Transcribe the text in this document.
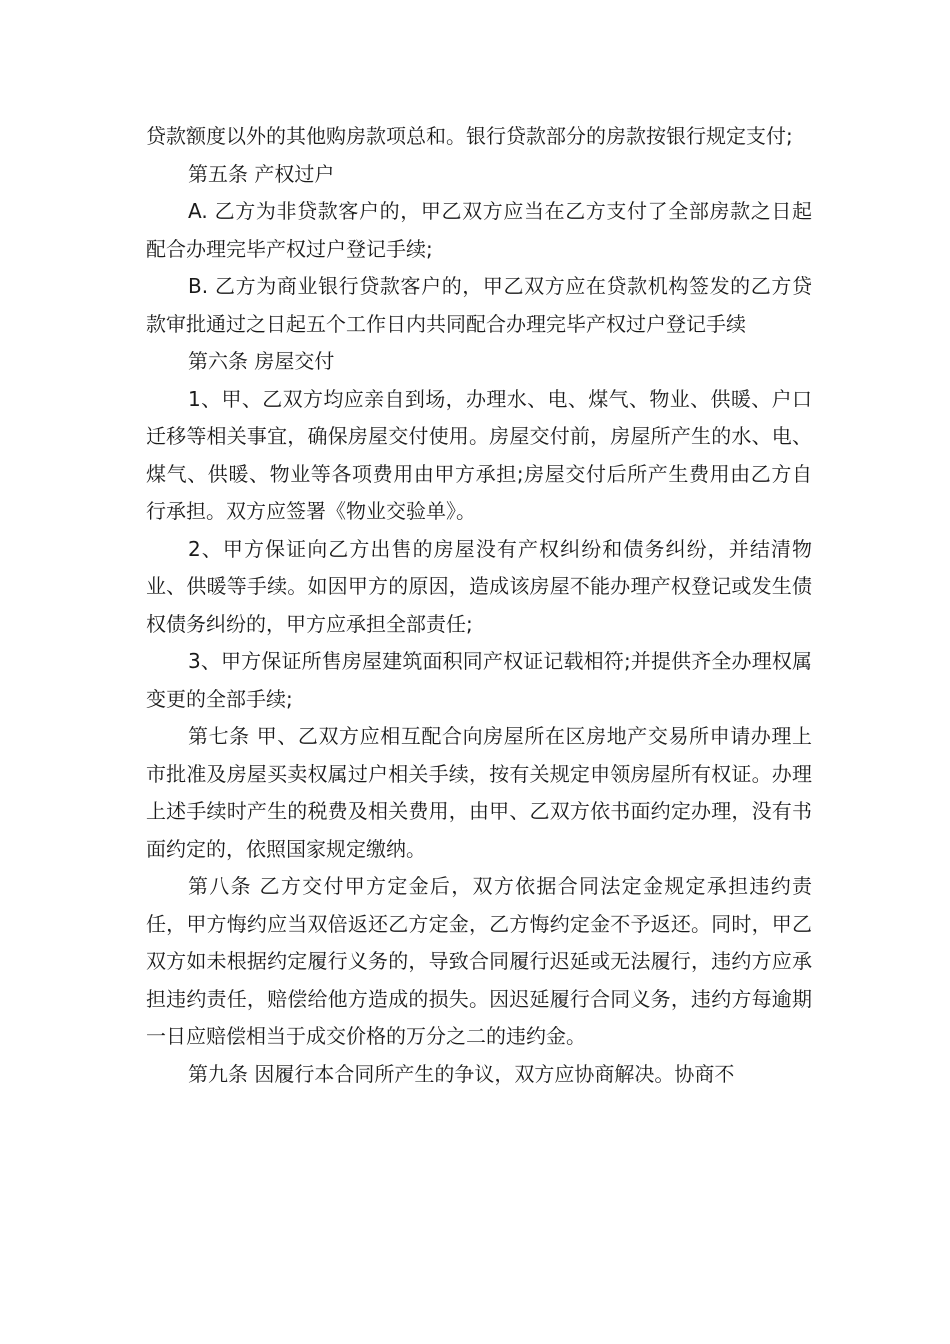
贷款额度以外的其他购房款项总和。银行贷款部分的房款按银行规定支付;

第五条 产权过户

A. 乙方为非贷款客户的，甲乙双方应当在乙方支付了全部房款之日起配合办理完毕产权过户登记手续;

B. 乙方为商业银行贷款客户的，甲乙双方应在贷款机构签发的乙方贷款审批通过之日起五个工作日内共同配合办理完毕产权过户登记手续

第六条 房屋交付

1、甲、乙双方均应亲自到场，办理水、电、煤气、物业、供暖、户口迁移等相关事宜，确保房屋交付使用。房屋交付前，房屋所产生的水、电、煤气、供暖、物业等各项费用由甲方承担;房屋交付后所产生费用由乙方自行承担。双方应签署《物业交验单》。

2、甲方保证向乙方出售的房屋没有产权纠纷和债务纠纷，并结清物业、供暖等手续。如因甲方的原因，造成该房屋不能办理产权登记或发生债权债务纠纷的，甲方应承担全部责任;

3、甲方保证所售房屋建筑面积同产权证记载相符;并提供齐全办理权属变更的全部手续;

第七条 甲、乙双方应相互配合向房屋所在区房地产交易所申请办理上市批准及房屋买卖权属过户相关手续，按有关规定申领房屋所有权证。办理上述手续时产生的税费及相关费用，由甲、乙双方依书面约定办理，没有书面约定的，依照国家规定缴纳。

第八条 乙方交付甲方定金后，双方依据合同法定金规定承担违约责任，甲方悔约应当双倍返还乙方定金，乙方悔约定金不予返还。同时，甲乙双方如未根据约定履行义务的，导致合同履行迟延或无法履行，违约方应承担违约责任，赔偿给他方造成的损失。因迟延履行合同义务，违约方每逾期一日应赔偿相当于成交价格的万分之二的违约金。

第九条 因履行本合同所产生的争议，双方应协商解决。协商不
